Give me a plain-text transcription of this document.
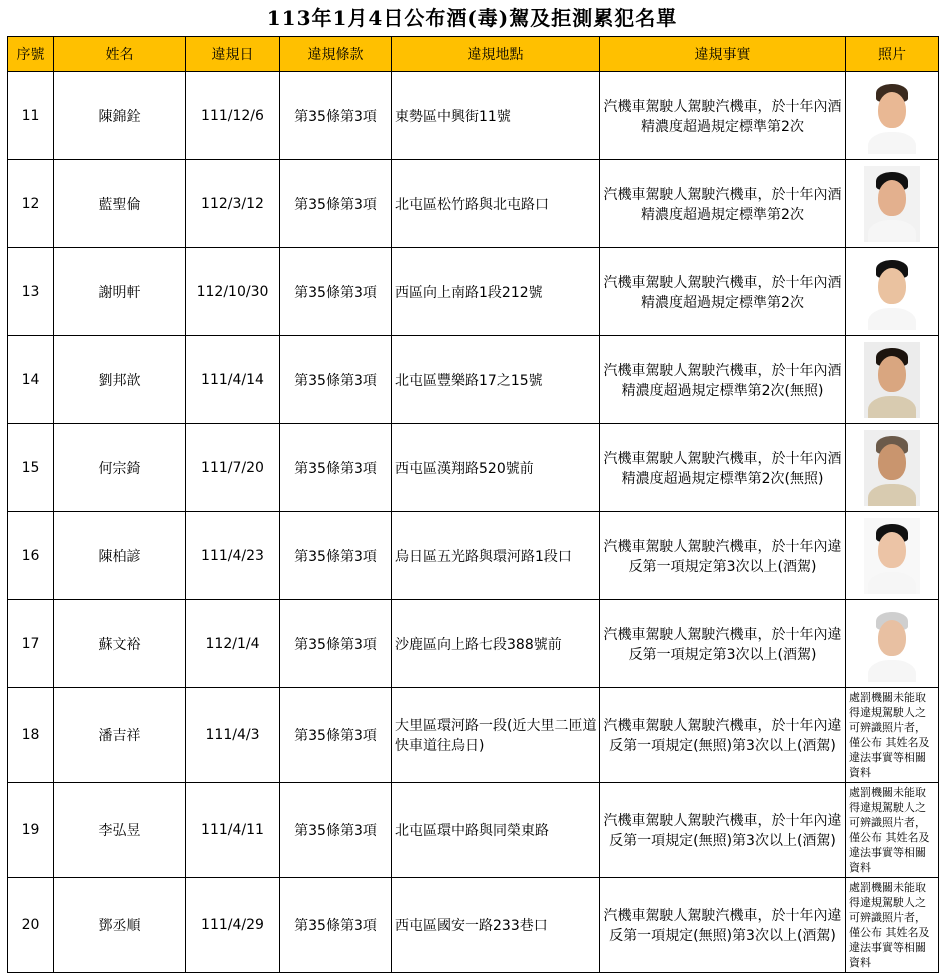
113年1月4日公布酒(毒)駕及拒測累犯名單
序號	姓名	違規日	違規條款	違規地點	違規事實	照片
11	陳錦銓	111/12/6	第35條第3項	東勢區中興街11號	汽機車駕駛人駕駛汽機車，於十年內酒精濃度超過規定標準第2次	

12	藍聖倫	112/3/12	第35條第3項	北屯區松竹路與北屯路口	汽機車駕駛人駕駛汽機車，於十年內酒精濃度超過規定標準第2次	

13	謝明軒	112/10/30	第35條第3項	西區向上南路1段212號	汽機車駕駛人駕駛汽機車，於十年內酒精濃度超過規定標準第2次	

14	劉邦歆	111/4/14	第35條第3項	北屯區豐樂路17之15號	汽機車駕駛人駕駛汽機車，於十年內酒精濃度超過規定標準第2次(無照)	

15	何宗錡	111/7/20	第35條第3項	西屯區漢翔路520號前	汽機車駕駛人駕駛汽機車，於十年內酒精濃度超過規定標準第2次(無照)	

16	陳柏諺	111/4/23	第35條第3項	烏日區五光路與環河路1段口	汽機車駕駛人駕駛汽機車，於十年內違反第一項規定第3次以上(酒駕)	

17	蘇文裕	112/1/4	第35條第3項	沙鹿區向上路七段388號前	汽機車駕駛人駕駛汽機車，於十年內違反第一項規定第3次以上(酒駕)	

18	潘吉祥	111/4/3	第35條第3項	大里區環河路一段(近大里二匝道快車道往烏日)	汽機車駕駛人駕駛汽機車，於十年內違反第一項規定(無照)第3次以上(酒駕)	處罰機關未能取得違規駕駛人之可辨識照片者，僅公布 其姓名及違法事實等相關資料

19	李弘昱	111/4/11	第35條第3項	北屯區環中路與同榮東路	汽機車駕駛人駕駛汽機車，於十年內違反第一項規定(無照)第3次以上(酒駕)	處罰機關未能取得違規駕駛人之可辨識照片者，僅公布 其姓名及違法事實等相關資料

20	鄧丞順	111/4/29	第35條第3項	西屯區國安一路233巷口	汽機車駕駛人駕駛汽機車，於十年內違反第一項規定(無照)第3次以上(酒駕)	處罰機關未能取得違規駕駛人之可辨識照片者，僅公布 其姓名及違法事實等相關資料
